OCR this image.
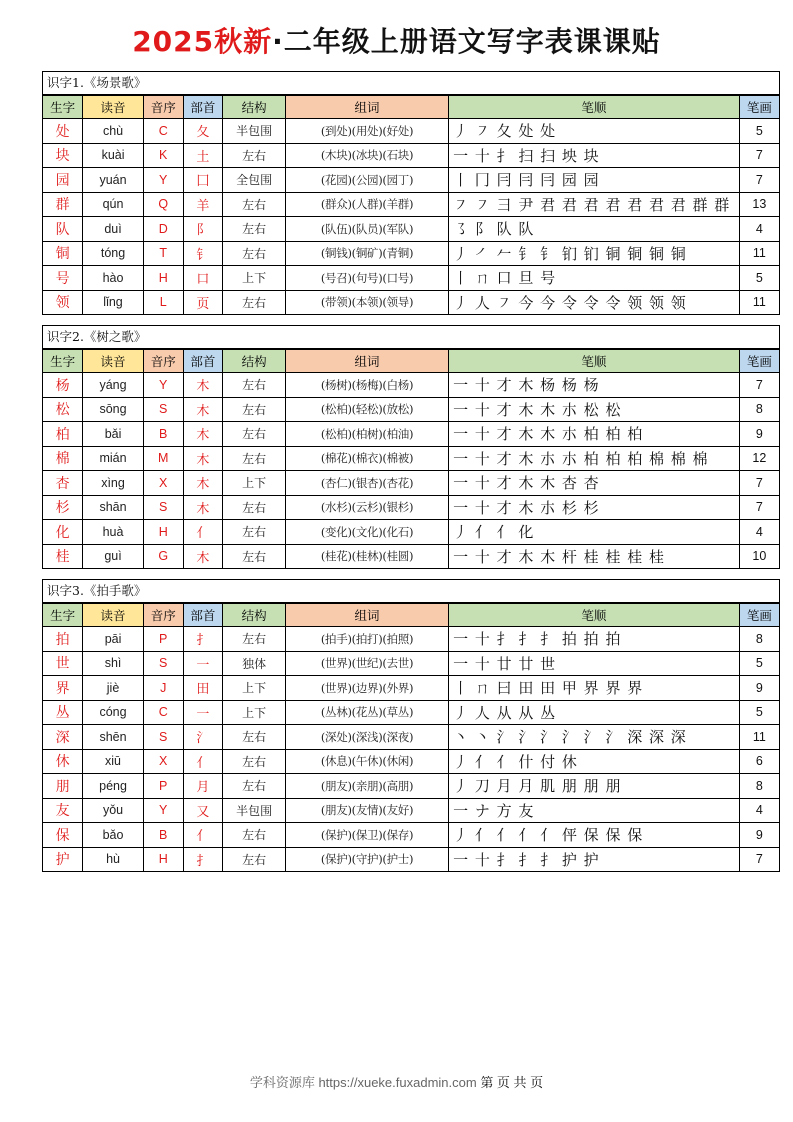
2025秋新·二年级上册语文写字表课课贴
识字1.《场景歌》
生字	读音	音序	部首	结构	组词	笔顺	笔画
处	chù	C	夂	半包围	(到处)(用处)(好处)	丿 ㇇ 夂 处 处	5
块	kuài	K	土	左右	(木块)(冰块)(石块)	一 十 扌 扫 扫 坱 块	7
园	yuán	Y	囗	全包围	(花园)(公园)(园丁)	丨 冂 冃 冃 冃 园 园	7
群	qún	Q	羊	左右	(群众)(人群)(羊群)	㇇ ㇇ 彐 尹 君 君 君 君 君 君 君 群 群	13
队	duì	D	阝	左右	(队伍)(队员)(军队)	㇌ 阝 队 队	4
铜	tóng	T	钅	左右	(铜钱)(铜矿)(青铜)	丿 ㇒ 𠂉 钅 钅 钔 钔 铜 铜 铜 铜	11
号	hào	H	口	上下	(号召)(句号)(口号)	丨 ㄇ 口 旦 号	5
领	lǐng	L	页	左右	(带领)(本领)(领导)	丿 人 ㇇ 今 今 令 令 令 领 领 领	11
识字2.《树之歌》
生字	读音	音序	部首	结构	组词	笔顺	笔画
杨	yáng	Y	木	左右	(杨树)(杨梅)(白杨)	一 十 才 木 杨 杨 杨	7
松	sōng	S	木	左右	(松柏)(轻松)(放松)	一 十 才 木 木 朩 松 松	8
柏	bǎi	B	木	左右	(松柏)(柏树)(柏油)	一 十 才 木 木 朩 柏 柏 柏	9
棉	mián	M	木	左右	(棉花)(棉衣)(棉被)	一 十 才 木 朩 朩 柏 柏 柏 棉 棉 棉	12
杏	xìng	X	木	上下	(杏仁)(银杏)(杏花)	一 十 才 木 木 杏 杏	7
杉	shān	S	木	左右	(水杉)(云杉)(银杉)	一 十 才 木 朩 杉 杉	7
化	huà	H	亻	左右	(变化)(文化)(化石)	丿 亻 亻 化	4
桂	guì	G	木	左右	(桂花)(桂林)(桂圆)	一 十 才 木 木 杆 桂 桂 桂 桂	10
识字3.《拍手歌》
生字	读音	音序	部首	结构	组词	笔顺	笔画
拍	pāi	P	扌	左右	(拍手)(拍打)(拍照)	一 十 扌 扌 扌 拍 拍 拍	8
世	shì	S	一	独体	(世界)(世纪)(去世)	一 十 廿 廿 世	5
界	jiè	J	田	上下	(世界)(边界)(外界)	丨 ㄇ 曰 田 田 甲 界 界 界	9
丛	cóng	C	一	上下	(丛林)(花丛)(草丛)	丿 人 从 从 丛	5
深	shēn	S	氵	左右	(深处)(深浅)(深夜)	丶 丶 氵 氵 氵 氵 氵 氵 深 深 深	11
休	xiū	X	亻	左右	(休息)(午休)(休闲)	丿 亻 亻 什 付 休	6
朋	péng	P	月	左右	(朋友)(亲朋)(高朋)	丿 刀 月 月 肌 朋 朋 朋	8
友	yǒu	Y	又	半包围	(朋友)(友情)(友好)	一 ナ 方 友	4
保	bǎo	B	亻	左右	(保护)(保卫)(保存)	丿 亻 亻 亻 亻 伻 保 保 保	9
护	hù	H	扌	左右	(保护)(守护)(护士)	一 十 扌 扌 扌 护 护	7
学科资源库 https://xueke.fuxadmin.com 第 页 共 页
